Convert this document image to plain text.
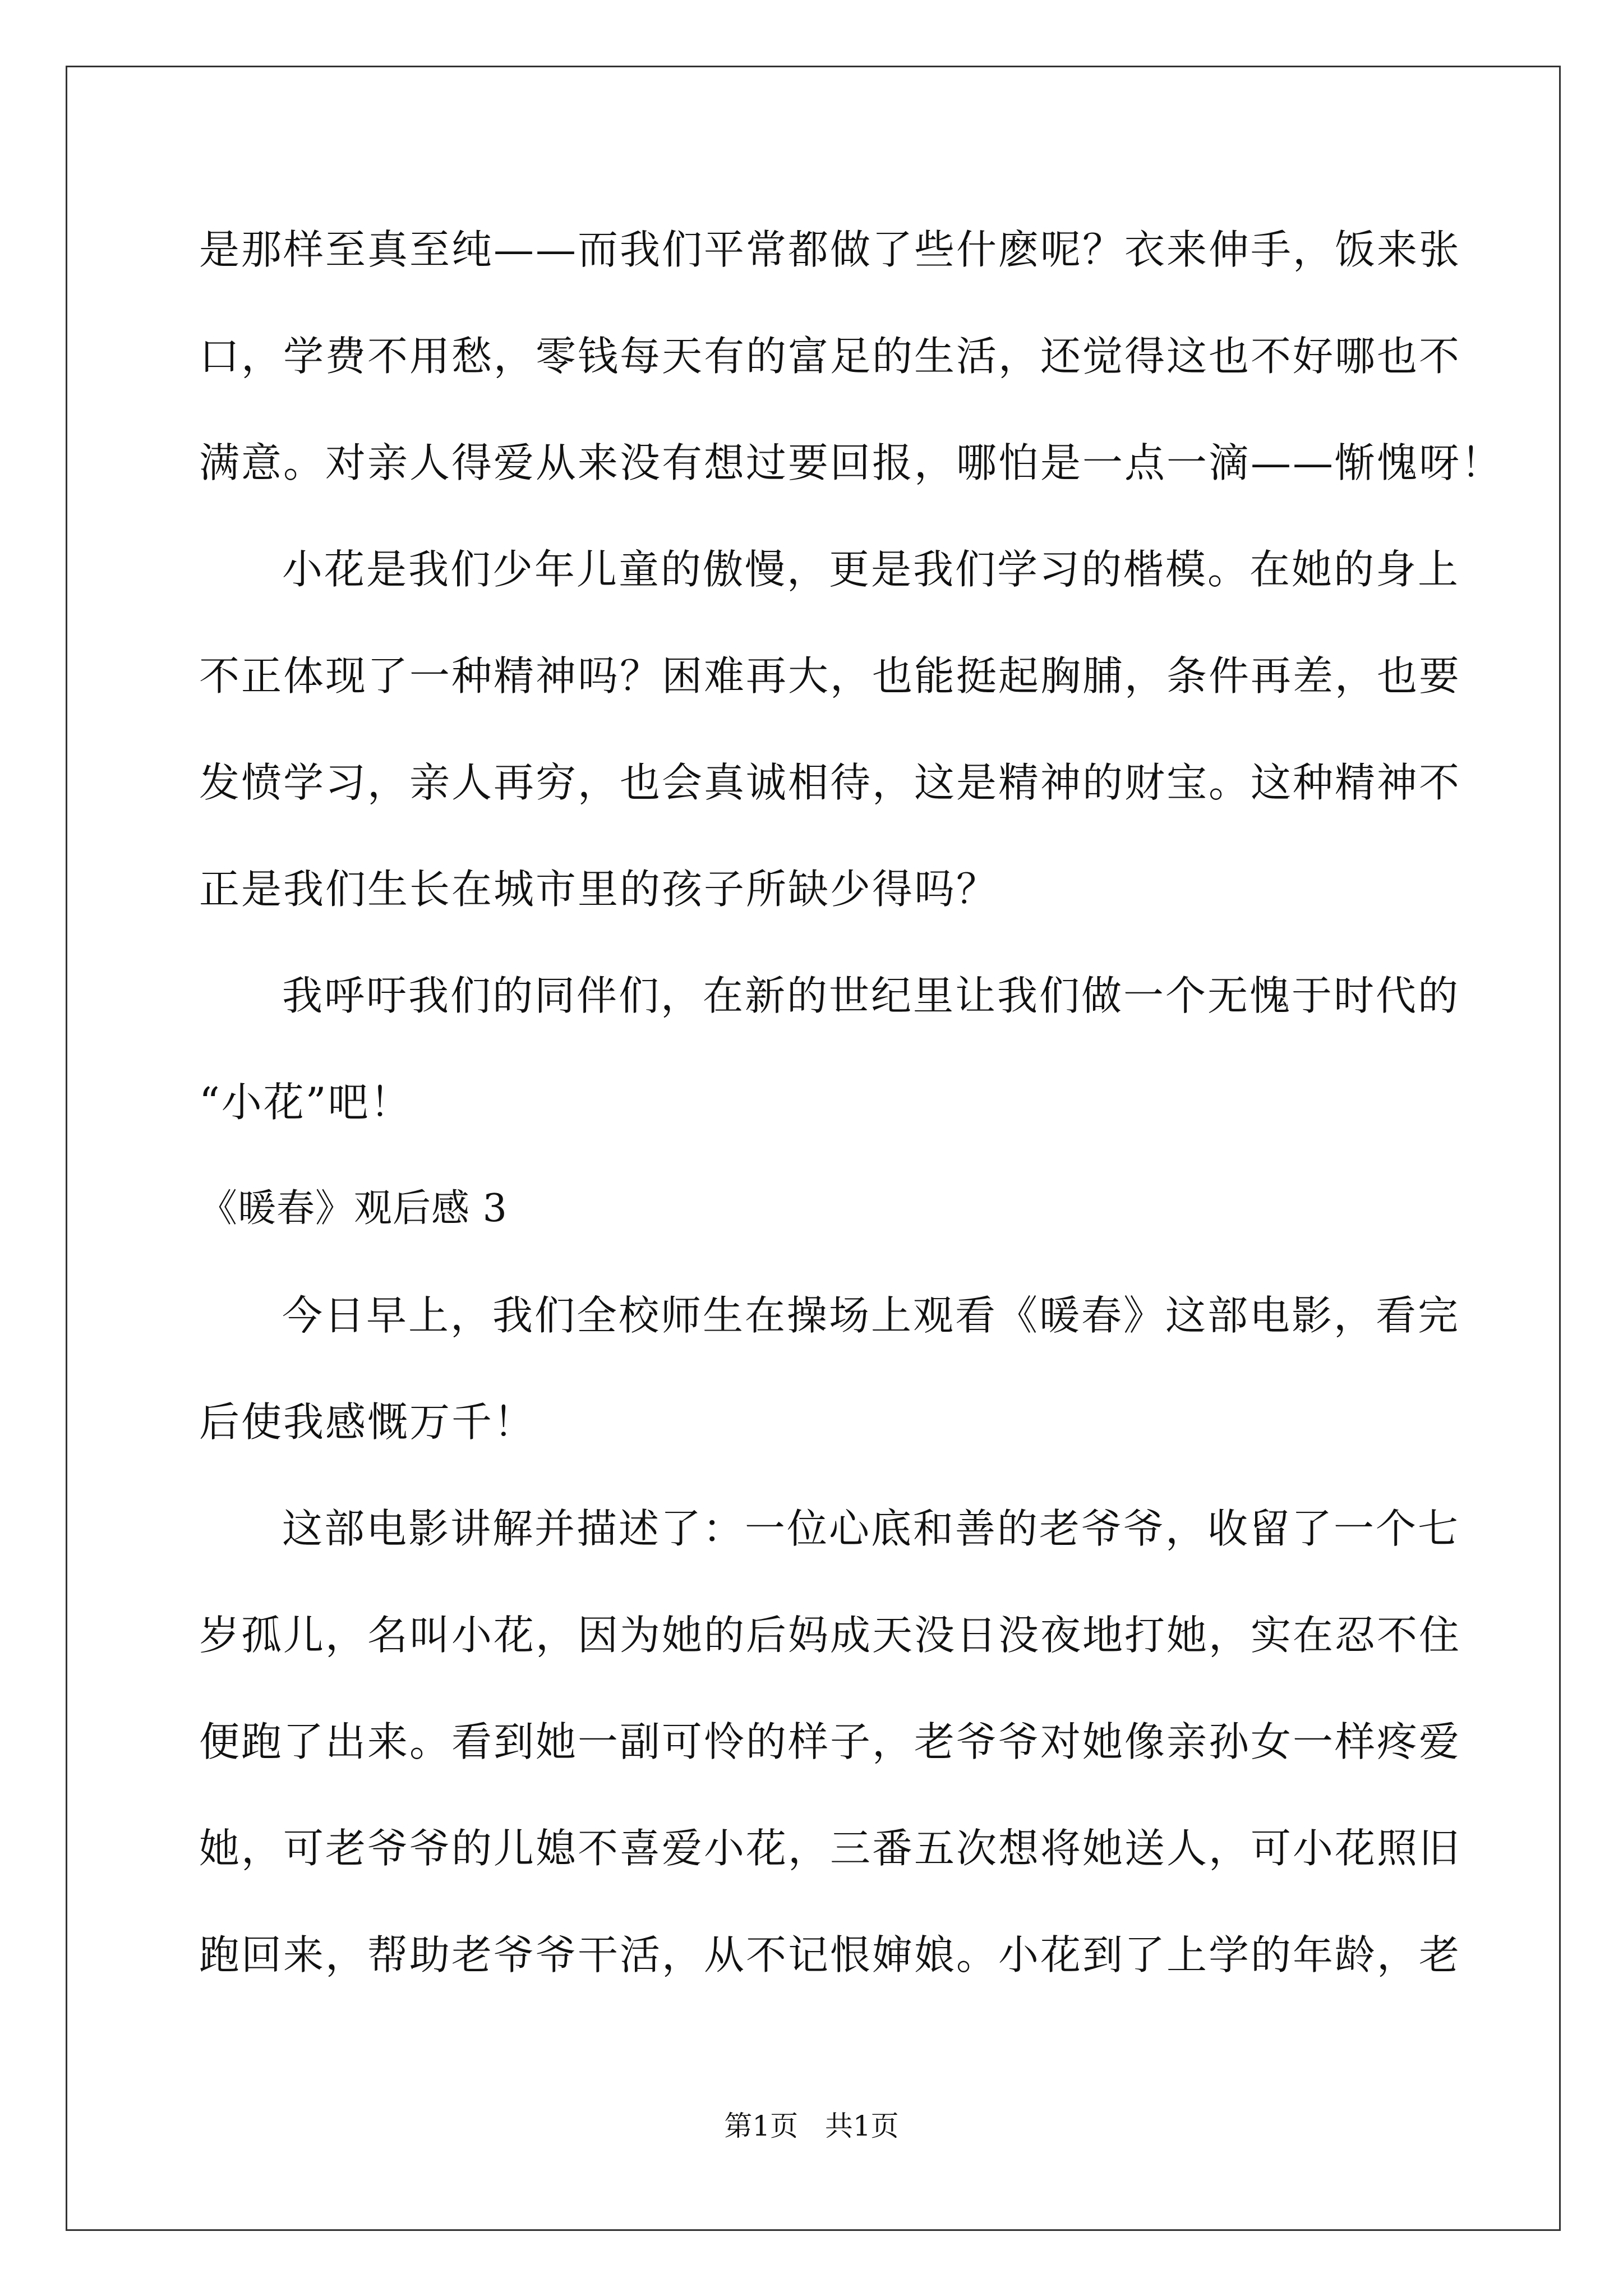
是那样至真至纯——而我们平常都做了些什麽呢？衣来伸手，饭来张
口，学费不用愁，零钱每天有的富足的生活，还觉得这也不好哪也不
满意。对亲人得爱从来没有想过要回报，哪怕是一点一滴——惭愧呀！
小花是我们少年儿童的傲慢，更是我们学习的楷模。在她的身上
不正体现了一种精神吗？困难再大，也能挺起胸脯，条件再差，也要
发愤学习，亲人再穷，也会真诚相待，这是精神的财宝。这种精神不
正是我们生长在城市里的孩子所缺少得吗？
我呼吁我们的同伴们，在新的世纪里让我们做一个无愧于时代的
“小花”吧！
《暖春》观后感 3
今日早上，我们全校师生在操场上观看《暖春》这部电影，看完
后使我感慨万千！
这部电影讲解并描述了：一位心底和善的老爷爷，收留了一个七
岁孤儿，名叫小花，因为她的后妈成天没日没夜地打她，实在忍不住
便跑了出来。看到她一副可怜的样子，老爷爷对她像亲孙女一样疼爱
她，可老爷爷的儿媳不喜爱小花，三番五次想将她送人，可小花照旧
跑回来，帮助老爷爷干活，从不记恨婶娘。小花到了上学的年龄，老
第1页 共1页
